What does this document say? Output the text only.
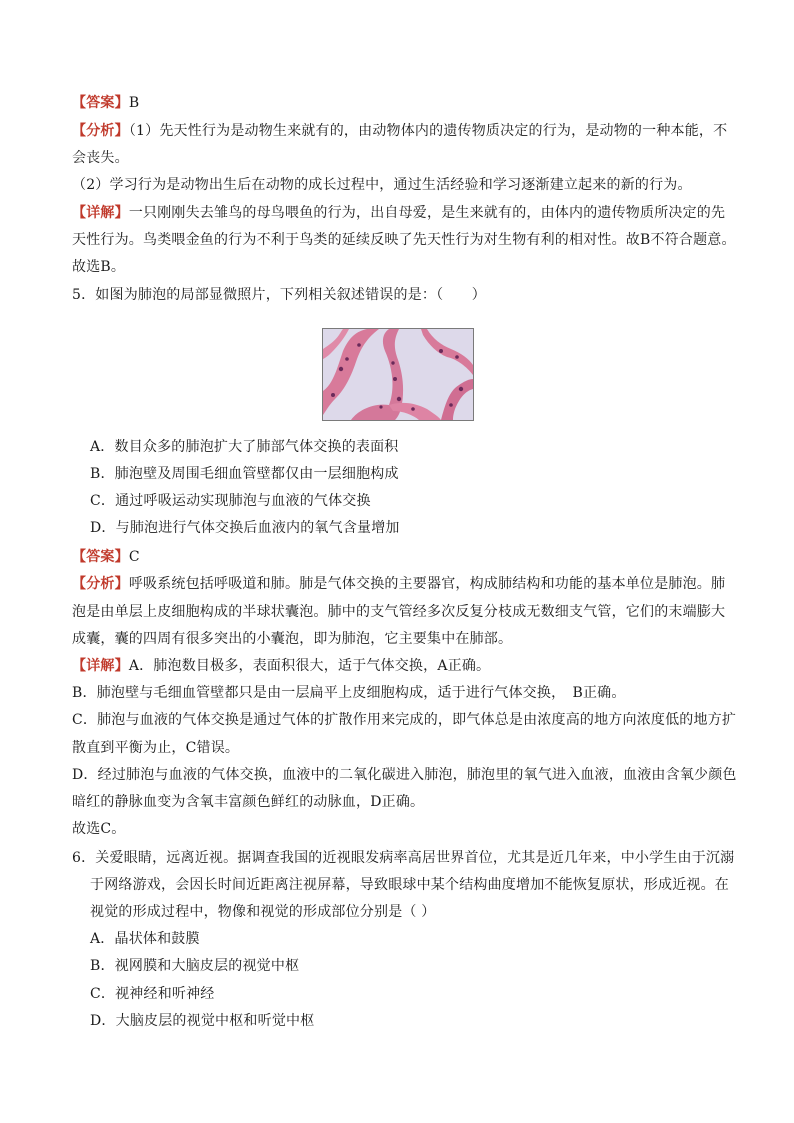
【答案】B
【分析】（1）先天性行为是动物生来就有的，由动物体内的遗传物质决定的行为，是动物的一种本能，不
会丧失。
（2）学习行为是动物出生后在动物的成长过程中，通过生活经验和学习逐渐建立起来的新的行为。
【详解】一只刚刚失去雏鸟的母鸟喂鱼的行为，出自母爱，是生来就有的，由体内的遗传物质所决定的先
天性行为。鸟类喂金鱼的行为不利于鸟类的延续反映了先天性行为对生物有利的相对性。故B不符合题意。
故选B。
5．如图为肺泡的局部显微照片，下列相关叙述错误的是：（　　）
A．数目众多的肺泡扩大了肺部气体交换的表面积
B．肺泡壁及周围毛细血管壁都仅由一层细胞构成
C．通过呼吸运动实现肺泡与血液的气体交换
D．与肺泡进行气体交换后血液内的氧气含量增加
【答案】C
【分析】呼吸系统包括呼吸道和肺。肺是气体交换的主要器官，构成肺结构和功能的基本单位是肺泡。肺
泡是由单层上皮细胞构成的半球状囊泡。肺中的支气管经多次反复分枝成无数细支气管，它们的末端膨大
成囊，囊的四周有很多突出的小囊泡，即为肺泡，它主要集中在肺部。
【详解】A．肺泡数目极多，表面积很大，适于气体交换，A正确。
B．肺泡壁与毛细血管壁都只是由一层扁平上皮细胞构成，适于进行气体交换，　B正确。
C．肺泡与血液的气体交换是通过气体的扩散作用来完成的，即气体总是由浓度高的地方向浓度低的地方扩
散直到平衡为止，C错误。
D．经过肺泡与血液的气体交换，血液中的二氧化碳进入肺泡，肺泡里的氧气进入血液，血液由含氧少颜色
暗红的静脉血变为含氧丰富颜色鲜红的动脉血，D正确。
故选C。
6．关爱眼睛，远离近视。据调查我国的近视眼发病率高居世界首位，尤其是近几年来，中小学生由于沉溺
于网络游戏，会因长时间近距离注视屏幕，导致眼球中某个结构曲度增加不能恢复原状，形成近视。在
视觉的形成过程中，物像和视觉的形成部位分别是（ ）
A．晶状体和鼓膜
B．视网膜和大脑皮层的视觉中枢
C．视神经和听神经
D．大脑皮层的视觉中枢和听觉中枢
